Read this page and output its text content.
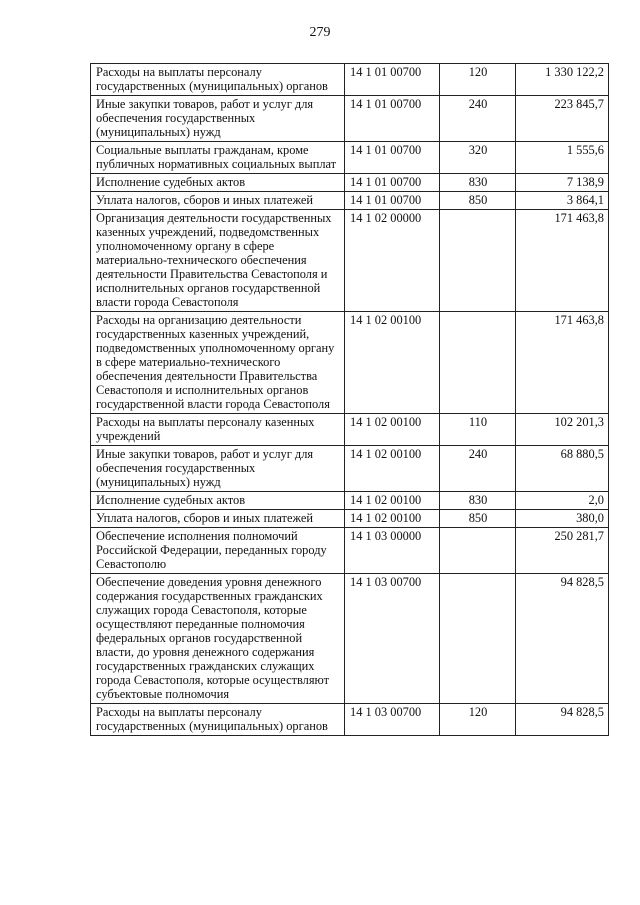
279
Расходы на выплаты персоналу государственных (муниципальных) органов	14 1 01 00700	120	1 330 122,2
Иные закупки товаров, работ и услуг для обеспечения государственных (муниципальных) нужд	14 1 01 00700	240	223 845,7
Социальные выплаты гражданам, кроме публичных нормативных социальных выплат	14 1 01 00700	320	1 555,6
Исполнение судебных актов	14 1 01 00700	830	7 138,9
Уплата налогов, сборов и иных платежей	14 1 01 00700	850	3 864,1
Организация деятельности государственных казенных учреждений, подведомственных уполномоченному органу в сфере материально-технического обеспечения деятельности Правительства Севастополя и исполнительных органов государственной власти города Севастополя	14 1 02 00000		171 463,8
Расходы на организацию деятельности государственных казенных учреждений, подведомственных уполномоченному органу в сфере материально-технического обеспечения деятельности Правительства Севастополя и исполнительных органов государственной власти города Севастополя	14 1 02 00100		171 463,8
Расходы на выплаты персоналу казенных учреждений	14 1 02 00100	110	102 201,3
Иные закупки товаров, работ и услуг для обеспечения государственных (муниципальных) нужд	14 1 02 00100	240	68 880,5
Исполнение судебных актов	14 1 02 00100	830	2,0
Уплата налогов, сборов и иных платежей	14 1 02 00100	850	380,0
Обеспечение исполнения полномочий Российской Федерации, переданных городу Севастополю	14 1 03 00000		250 281,7
Обеспечение доведения уровня денежного содержания государственных гражданских служащих города Севастополя, которые осуществляют переданные полномочия федеральных органов государственной власти, до уровня денежного содержания государственных гражданских служащих города Севастополя, которые осуществляют субъектовые полномочия	14 1 03 00700		94 828,5
Расходы на выплаты персоналу государственных (муниципальных) органов	14 1 03 00700	120	94 828,5
